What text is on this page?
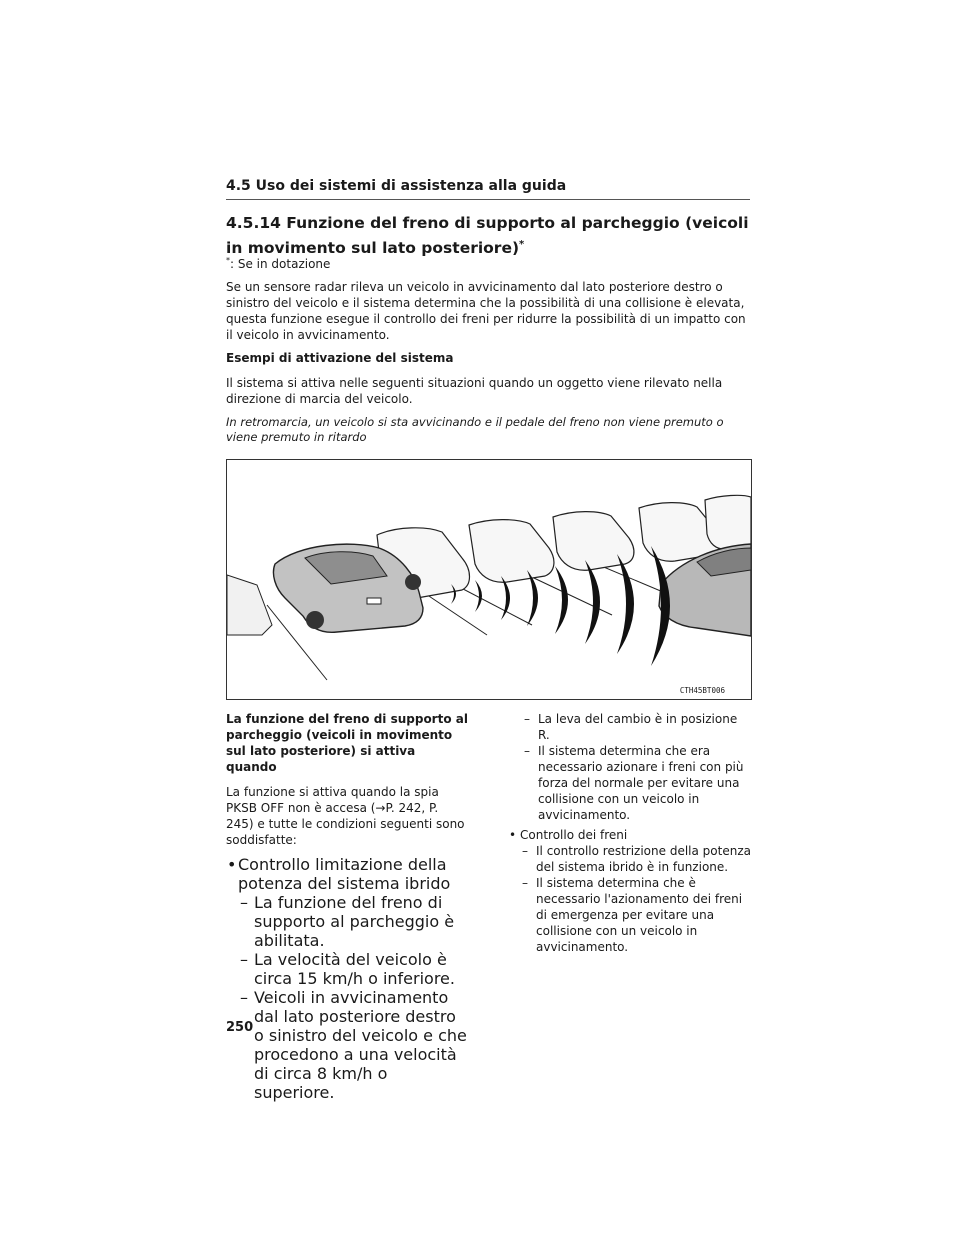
4.5 Uso dei sistemi di assistenza alla guida
4.5.14 Funzione del freno di supporto al parcheggio (veicoli in movimento sul lato posteriore)*
*: Se in dotazione
Se un sensore radar rileva un veicolo in avvicinamento dal lato posteriore destro o sinistro del veicolo e il sistema determina che la possibilità di una collisione è elevata, questa funzione esegue il controllo dei freni per ridurre la possibilità di un impatto con il veicolo in avvicinamento.
Esempi di attivazione del sistema
Il sistema si attiva nelle seguenti situazioni quando un oggetto viene rilevato nella direzione di marcia del veicolo.
In retromarcia, un veicolo si sta avvicinando e il pedale del freno non viene premuto o viene premuto in ritardo
CTH45BT006
La funzione del freno di supporto al parcheggio (veicoli in movimento sul lato posteriore) si attiva quando

La funzione si attiva quando la spia PKSB OFF non è accesa (→P. 242, P. 245) e tutte le condizioni seguenti sono soddisfatte:

• Controllo limitazione della potenza del sistema ibrido
– La funzione del freno di supporto al parcheggio è abilitata.
– La velocità del veicolo è circa 15 km/h o inferiore.
– Veicoli in avvicinamento dal lato posteriore destro o sinistro del veicolo e che procedono a una velocità di circa 8 km/h o superiore.
– La leva del cambio è in posizione R.
– Il sistema determina che era necessario azionare i freni con più forza del normale per evitare una collisione con un veicolo in avvicinamento.
• Controllo dei freni
– Il controllo restrizione della potenza del sistema ibrido è in funzione.
– Il sistema determina che è necessario l'azionamento dei freni di emergenza per evitare una collisione con un veicolo in avvicinamento.
250
